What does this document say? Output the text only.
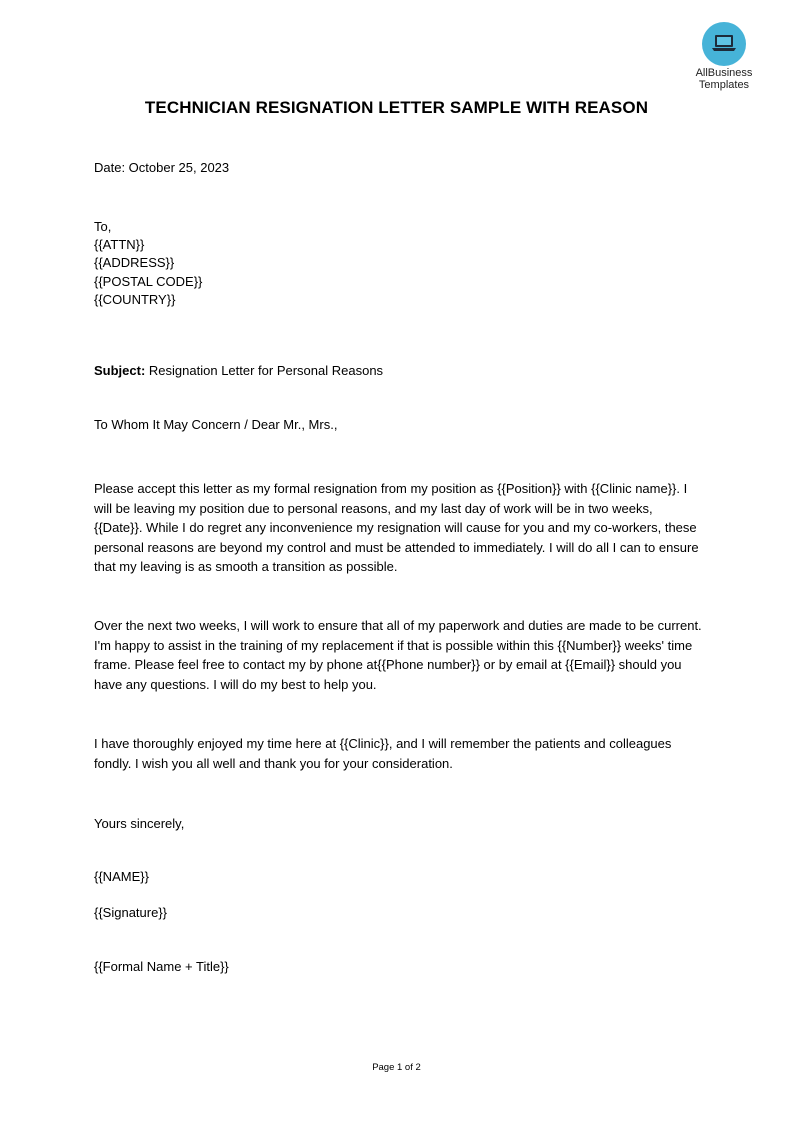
AllBusiness
Templates
TECHNICIAN RESIGNATION LETTER SAMPLE WITH REASON
Date: October 25, 2023
To,
{{ATTN}}
{{ADDRESS}}
{{POSTAL CODE}}
{{COUNTRY}}
Subject: Resignation Letter for Personal Reasons
To Whom It May Concern / Dear Mr., Mrs.,
Please accept this letter as my formal resignation from my position as {{Position}} with {{Clinic name}}. I will be leaving my position due to personal reasons, and my last day of work will be in two weeks, {{Date}}. While I do regret any inconvenience my resignation will cause for you and my co-workers, these personal reasons are beyond my control and must be attended to immediately. I will do all I can to ensure that my leaving is as smooth a transition as possible.
Over the next two weeks, I will work to ensure that all of my paperwork and duties are made to be current. I'm happy to assist in the training of my replacement if that is possible within this {{Number}} weeks' time frame. Please feel free to contact my by phone at{{Phone number}} or by email at {{Email}} should you have any questions. I will do my best to help you.
I have thoroughly enjoyed my time here at {{Clinic}}, and I will remember the patients and colleagues fondly. I wish you all well and thank you for your consideration.
Yours sincerely,
{{NAME}}
{{Signature}}
{{Formal Name + Title}}
Page 1 of 2
